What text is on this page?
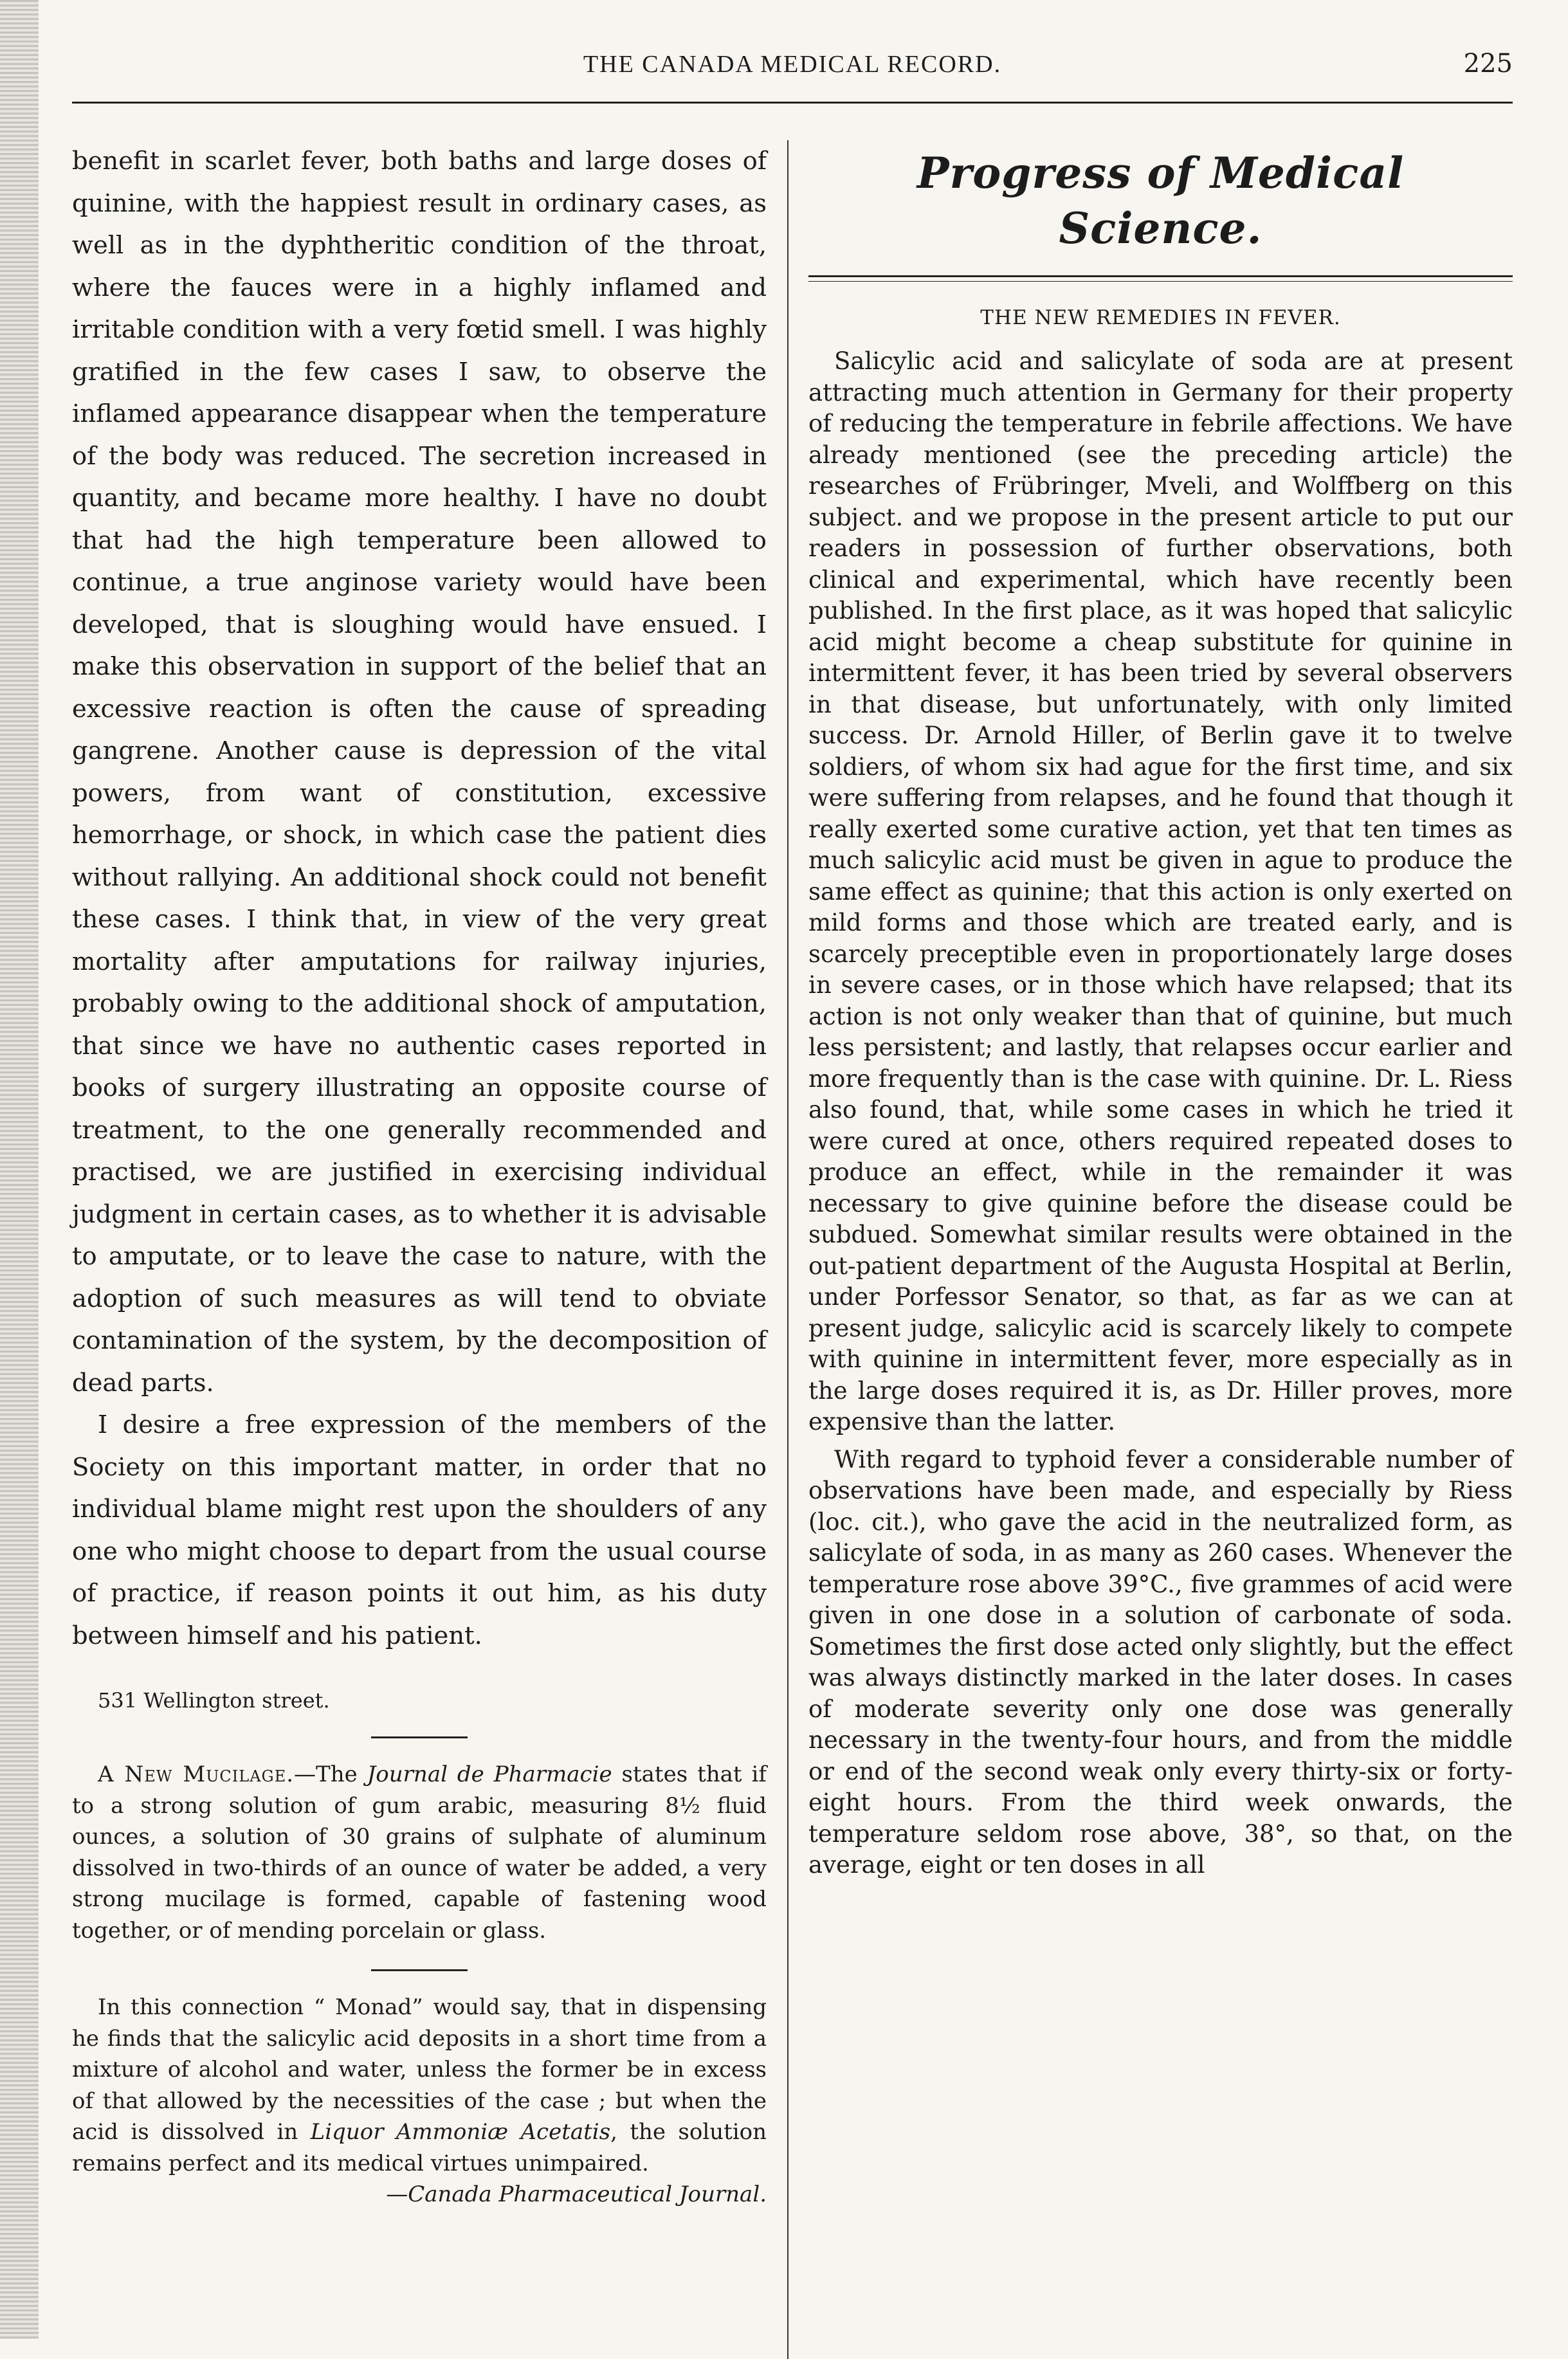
THE CANADA MEDICAL RECORD.	225

benefit in scarlet fever, both baths and large doses of quinine, with the happiest result in ordinary cases, as well as in the dyphtheritic condition of the throat, where the fauces were in a highly inflamed and irritable condition with a very fœtid smell. I was highly gratified in the few cases I saw, to observe the inflamed appearance disappear when the temperature of the body was reduced. The secretion increased in quantity, and became more healthy. I have no doubt that had the high temperature been allowed to continue, a true anginose variety would have been developed, that is sloughing would have ensued. I make this observation in support of the belief that an excessive reaction is often the cause of spreading gangrene. Another cause is depression of the vital powers, from want of constitution, excessive hemorrhage, or shock, in which case the patient dies without rallying. An additional shock could not benefit these cases. I think that, in view of the very great mortality after amputations for railway injuries, probably owing to the additional shock of amputation, that since we have no authentic cases reported in books of surgery illustrating an opposite course of treatment, to the one generally recommended and practised, we are justified in exercising individual judgment in certain cases, as to whether it is advisable to amputate, or to leave the case to nature, with the adoption of such measures as will tend to obviate contamination of the system, by the decomposition of dead parts.

I desire a free expression of the members of the Society on this important matter, in order that no individual blame might rest upon the shoulders of any one who might choose to depart from the usual course of practice, if reason points it out him, as his duty between himself and his patient.

531 Wellington street.

A New Mucilage.—The Journal de Pharmacie states that if to a strong solution of gum arabic, measuring 8½ fluid ounces, a solution of 30 grains of sulphate of aluminum dissolved in two-thirds of an ounce of water be added, a very strong mucilage is formed, capable of fastening wood together, or of mending porcelain or glass.

In this connection “ Monad” would say, that in dispensing he finds that the salicylic acid deposits in a short time from a mixture of alcohol and water, unless the former be in excess of that allowed by the necessities of the case ; but when the acid is dissolved in Liquor Ammoniæ Acetatis, the solution remains perfect and its medical virtues unimpaired.

—Canada Pharmaceutical Journal.

Progress of Medical Science.
THE NEW REMEDIES IN FEVER.

Salicylic acid and salicylate of soda are at present attracting much attention in Germany for their property of reducing the temperature in febrile affections. We have already mentioned (see the preceding article) the researches of Frübringer, Mveli, and Wolffberg on this subject. and we propose in the present article to put our readers in possession of further observations, both clinical and experimental, which have recently been published. In the first place, as it was hoped that salicylic acid might become a cheap substitute for quinine in intermittent fever, it has been tried by several observers in that disease, but unfortunately, with only limited success. Dr. Arnold Hiller, of Berlin gave it to twelve soldiers, of whom six had ague for the first time, and six were suffering from relapses, and he found that though it really exerted some curative action, yet that ten times as much salicylic acid must be given in ague to produce the same effect as quinine; that this action is only exerted on mild forms and those which are treated early, and is scarcely preceptible even in proportionately large doses in severe cases, or in those which have relapsed; that its action is not only weaker than that of quinine, but much less persistent; and lastly, that relapses occur earlier and more frequently than is the case with quinine. Dr. L. Riess also found, that, while some cases in which he tried it were cured at once, others required repeated doses to produce an effect, while in the remainder it was necessary to give quinine before the disease could be subdued. Somewhat similar results were obtained in the out-patient department of the Augusta Hospital at Berlin, under Porfessor Senator, so that, as far as we can at present judge, salicylic acid is scarcely likely to compete with quinine in intermittent fever, more especially as in the large doses required it is, as Dr. Hiller proves, more expensive than the latter.

With regard to typhoid fever a considerable number of observations have been made, and especially by Riess (loc. cit.), who gave the acid in the neutralized form, as salicylate of soda, in as many as 260 cases. Whenever the temperature rose above 39°C., five grammes of acid were given in one dose in a solution of carbonate of soda. Sometimes the first dose acted only slightly, but the effect was always distinctly marked in the later doses. In cases of moderate severity only one dose was generally necessary in the twenty-four hours, and from the middle or end of the second weak only every thirty-six or forty-eight hours. From the third week onwards, the temperature seldom rose above, 38°, so that, on the average, eight or ten doses in all
